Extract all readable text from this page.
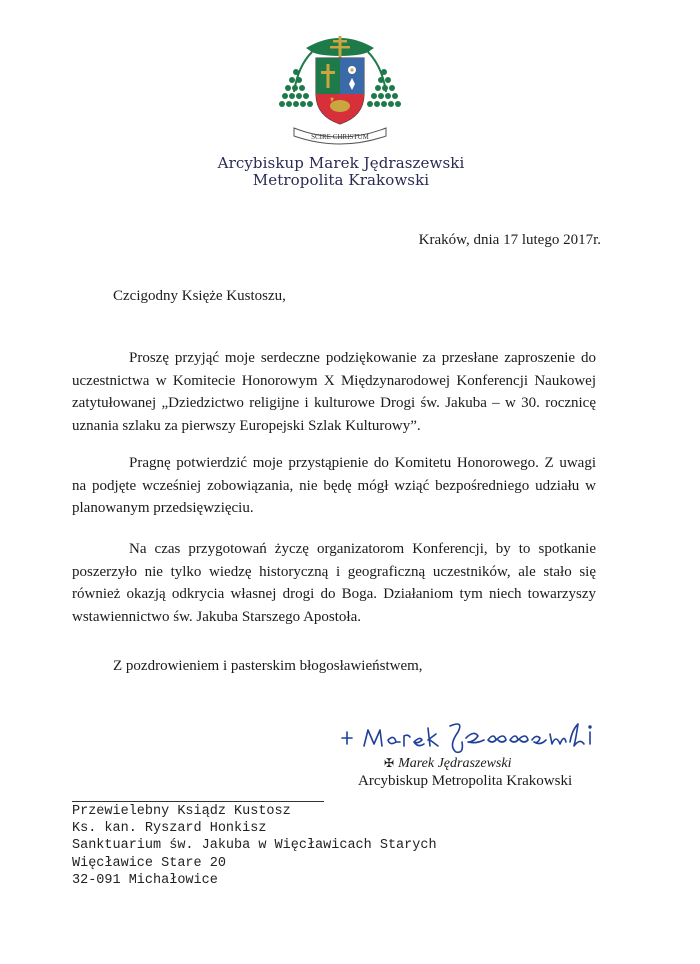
SCIRE CHRISTUM
Arcybiskup Marek Jędraszewski
Metropolita Krakowski
Kraków, dnia 17 lutego 2017r.
Czcigodny Księże Kustoszu,

Proszę przyjąć moje serdeczne podziękowanie za przesłane zaproszenie do uczestnictwa w Komitecie Honorowym X Międzynarodowej Konferencji Naukowej zatytułowanej „Dziedzictwo religijne i kulturowe Drogi św. Jakuba – w 30. rocznicę uznania szlaku za pierwszy Europejski Szlak Kulturowy”.

Pragnę potwierdzić moje przystąpienie do Komitetu Honorowego. Z uwagi na podjęte wcześniej zobowiązania, nie będę mógł wziąć bezpośredniego udziału w planowanym przedsięwzięciu.

Na czas przygotowań życzę organizatorom Konferencji, by to spotkanie poszerzyło nie tylko wiedzę historyczną i geograficzną uczestników, ale stało się również okazją odkrycia własnej drogi do Boga. Działaniom tym niech towarzyszy wstawiennictwo św. Jakuba Starszego Apostoła.

Z pozdrowieniem i pasterskim błogosławieństwem,
+ Marek Jędraszewski
✠ Marek Jędraszewski
Arcybiskup Metropolita Krakowski
Przewielebny Ksiądz Kustosz
Ks. kan. Ryszard Honkisz
Sanktuarium św. Jakuba w Więcławicach Starych
Więcławice Stare 20
32-091 Michałowice
